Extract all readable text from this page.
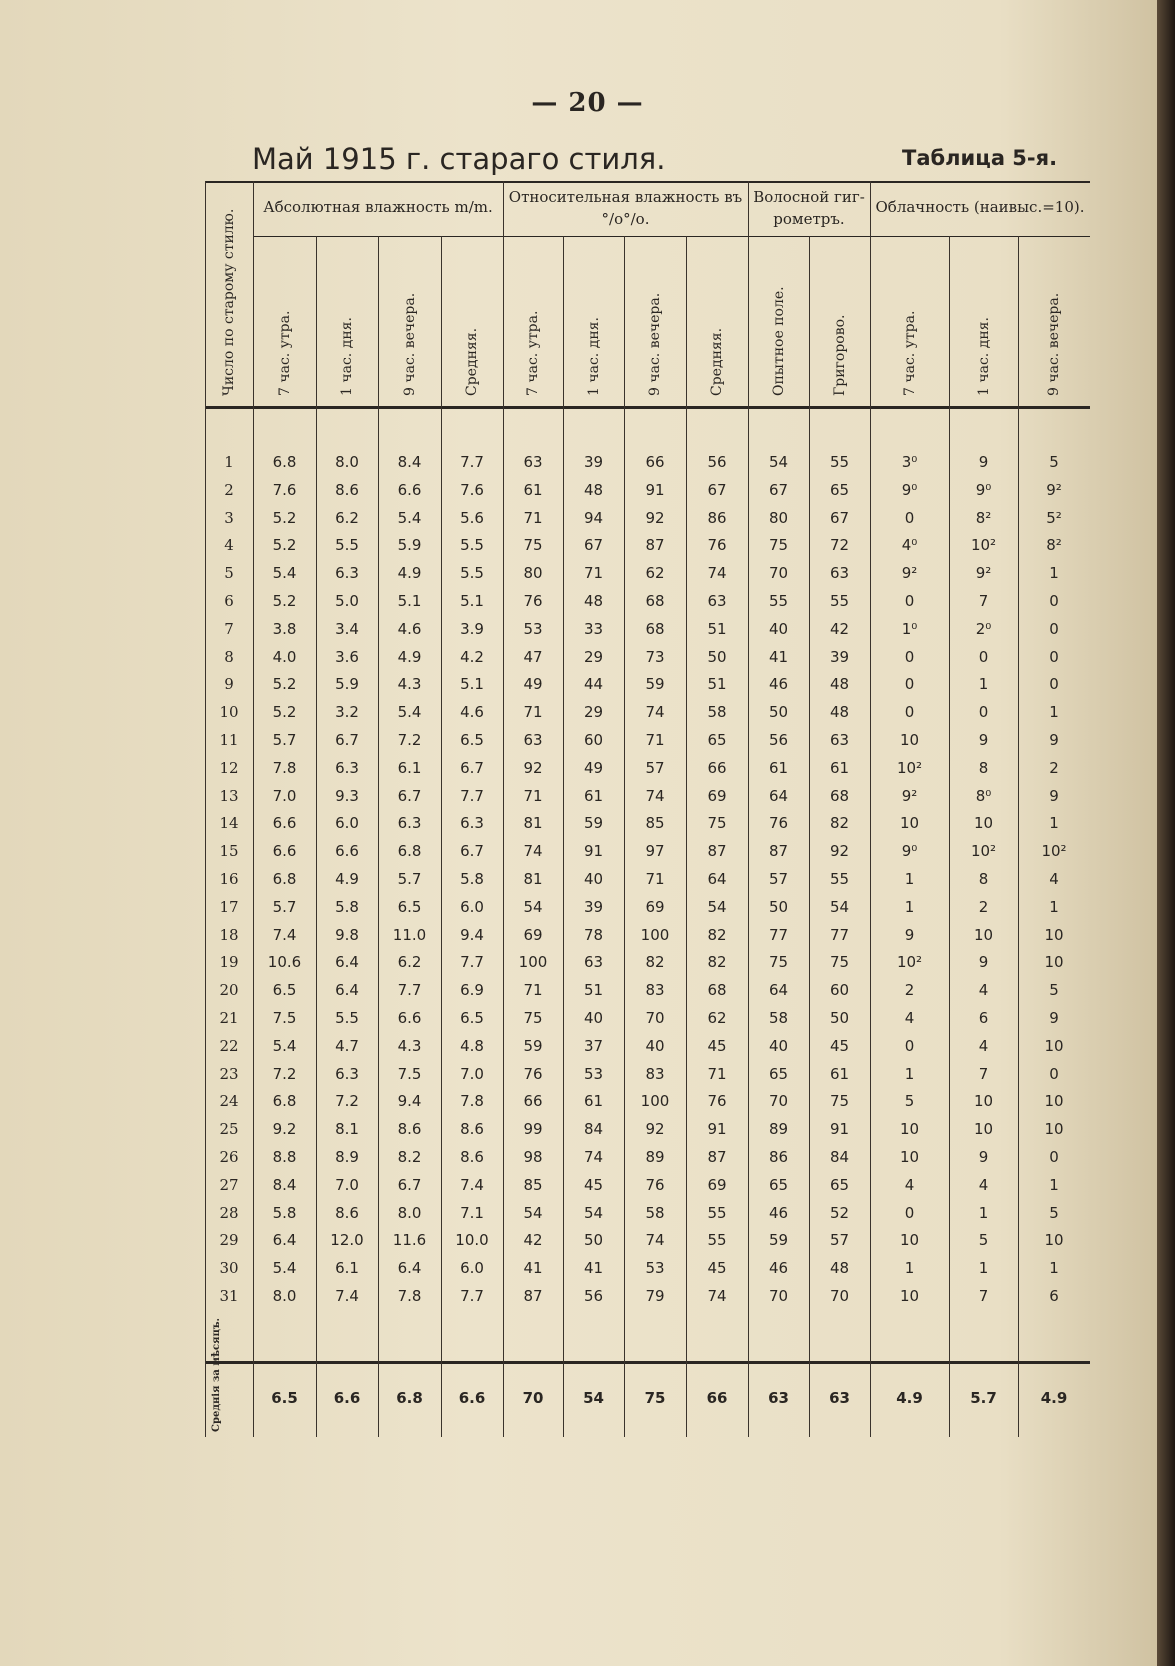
— 20 —
Май 1915 г. стараго стиля.	Таблица 5-я.
Абсолютная влажность m/m.
Относительная влажность въ °/о°/о.
Волосной гиг-рометръ.
Облачность (наивыс.=10).
Число по старому стилю.	7 час. утра.	1 час. дня.	9 час. вечера.	Средняя.	7 час. утра.	1 час. дня.	9 час. вечера.	Средняя.	Опытное поле.	Григорово.	7 час. утра.	1 час. дня.	9 час. вечера.
1	6.8	8.0	8.4	7.7	63	39	66	56	54	55	3⁰	9	5
2	7.6	8.6	6.6	7.6	61	48	91	67	67	65	9⁰	9⁰	9²
3	5.2	6.2	5.4	5.6	71	94	92	86	80	67	0	8²	5²
4	5.2	5.5	5.9	5.5	75	67	87	76	75	72	4⁰	10²	8²
5	5.4	6.3	4.9	5.5	80	71	62	74	70	63	9²	9²	1
6	5.2	5.0	5.1	5.1	76	48	68	63	55	55	0	7	0
7	3.8	3.4	4.6	3.9	53	33	68	51	40	42	1⁰	2⁰	0
8	4.0	3.6	4.9	4.2	47	29	73	50	41	39	0	0	0
9	5.2	5.9	4.3	5.1	49	44	59	51	46	48	0	1	0
10	5.2	3.2	5.4	4.6	71	29	74	58	50	48	0	0	1
11	5.7	6.7	7.2	6.5	63	60	71	65	56	63	10	9	9
12	7.8	6.3	6.1	6.7	92	49	57	66	61	61	10²	8	2
13	7.0	9.3	6.7	7.7	71	61	74	69	64	68	9²	8⁰	9
14	6.6	6.0	6.3	6.3	81	59	85	75	76	82	10	10	1
15	6.6	6.6	6.8	6.7	74	91	97	87	87	92	9⁰	10²	10²
16	6.8	4.9	5.7	5.8	81	40	71	64	57	55	1	8	4
17	5.7	5.8	6.5	6.0	54	39	69	54	50	54	1	2	1
18	7.4	9.8	11.0	9.4	69	78	100	82	77	77	9	10	10
19	10.6	6.4	6.2	7.7	100	63	82	82	75	75	10²	9	10
20	6.5	6.4	7.7	6.9	71	51	83	68	64	60	2	4	5
21	7.5	5.5	6.6	6.5	75	40	70	62	58	50	4	6	9
22	5.4	4.7	4.3	4.8	59	37	40	45	40	45	0	4	10
23	7.2	6.3	7.5	7.0	76	53	83	71	65	61	1	7	0
24	6.8	7.2	9.4	7.8	66	61	100	76	70	75	5	10	10
25	9.2	8.1	8.6	8.6	99	84	92	91	89	91	10	10	10
26	8.8	8.9	8.2	8.6	98	74	89	87	86	84	10	9	0
27	8.4	7.0	6.7	7.4	85	45	76	69	65	65	4	4	1
28	5.8	8.6	8.0	7.1	54	54	58	55	46	52	0	1	5
29	6.4	12.0	11.6	10.0	42	50	74	55	59	57	10	5	10
30	5.4	6.1	6.4	6.0	41	41	53	45	46	48	1	1	1
31	8.0	7.4	7.8	7.7	87	56	79	74	70	70	10	7	6
Среднія за мѣсяцъ.	6.5	6.6	6.8	6.6	70	54	75	66	63	63	4.9	5.7	4.9
